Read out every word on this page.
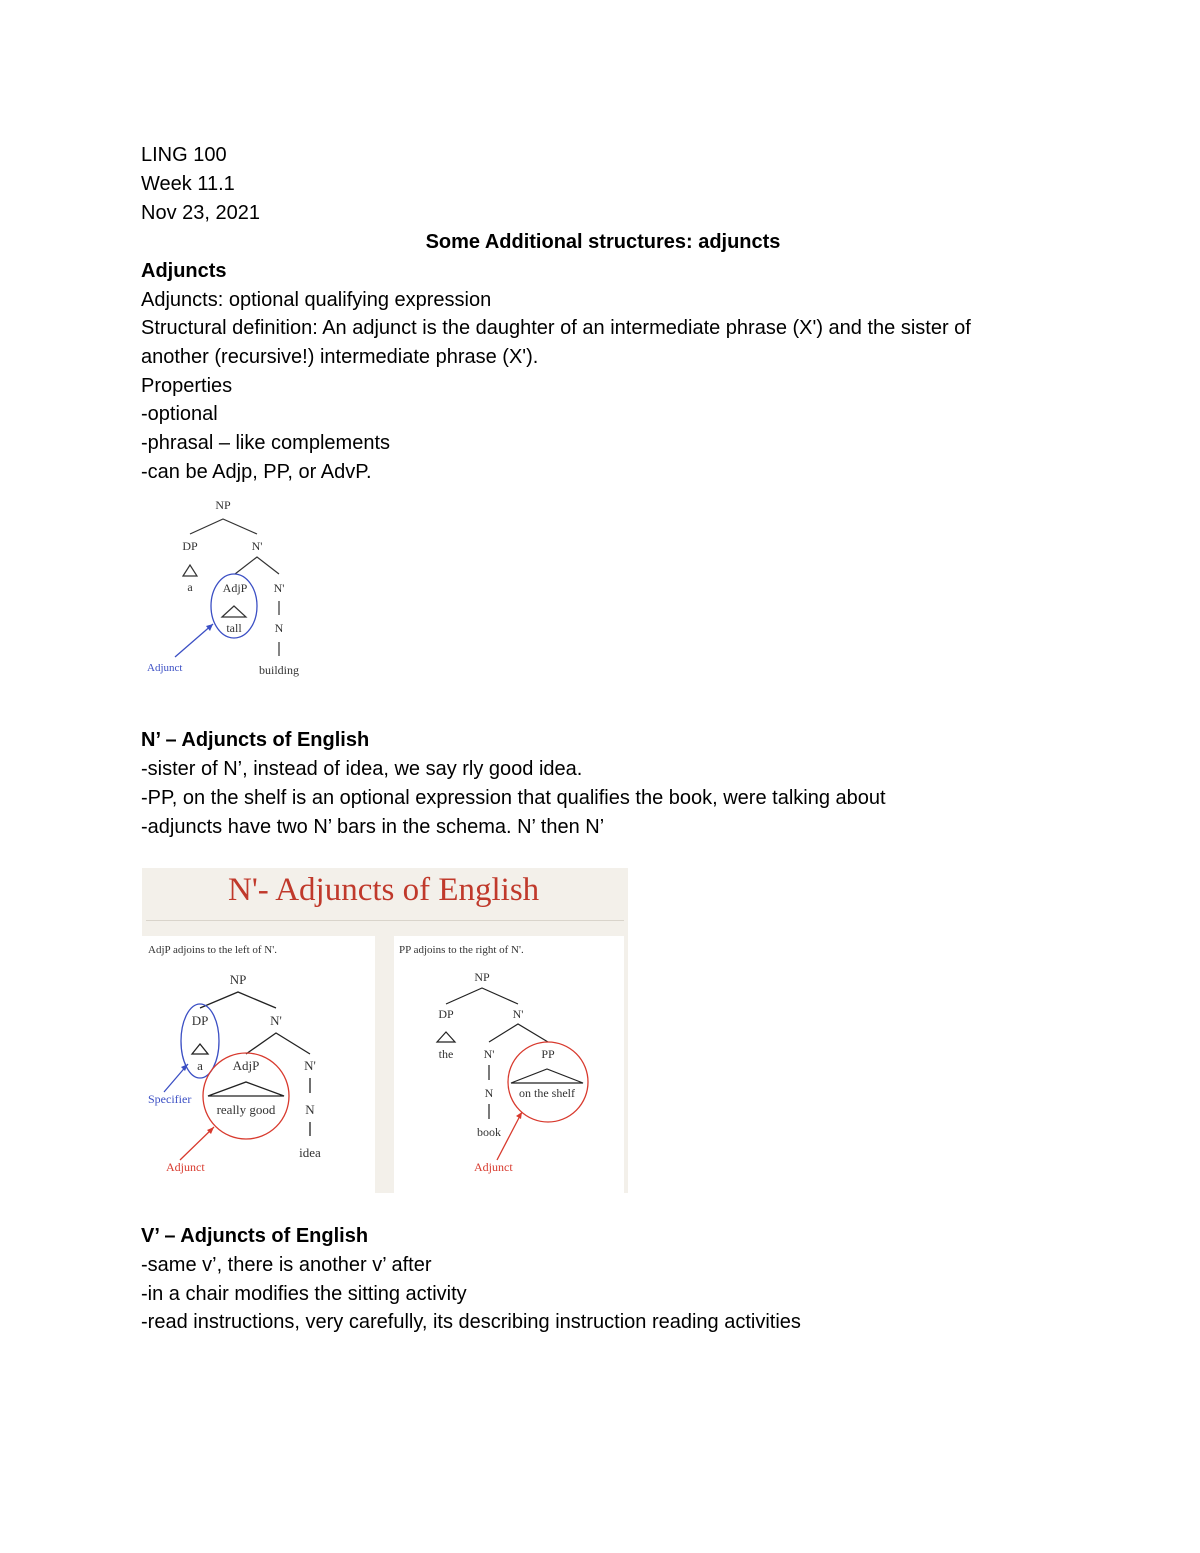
LING 100
Week 11.1
Nov 23, 2021
Some Additional structures: adjuncts
Adjuncts
Adjuncts: optional qualifying expression
Structural definition: An adjunct is the daughter of an intermediate phrase (X') and the sister of
another (recursive!) intermediate phrase (X').
Properties
-optional
-phrasal – like complements
-can be Adjp, PP, or AdvP.
NP
DP	N'
a AdjP N'
tall	N
building
Adjunct
N’ – Adjuncts of English
-sister of N’, instead of idea, we say rly good idea.
-PP, on the shelf is an optional expression that qualifies the book, were talking about
-adjuncts have two N’ bars in the schema. N’ then N’
N'- Adjuncts of English
AdjP adjoins to the left of N'.
NP
DP	N'
a AdjP	N'
really good N
idea
Specifier
Adjunct
PP adjoins to the right of N'.
NP
DP	N'
the	N'	PP
N on the shelf
book
Adjunct
V’ – Adjuncts of English
-same v’, there is another v’ after
-in a chair modifies the sitting activity
-read instructions, very carefully, its describing instruction reading activities
